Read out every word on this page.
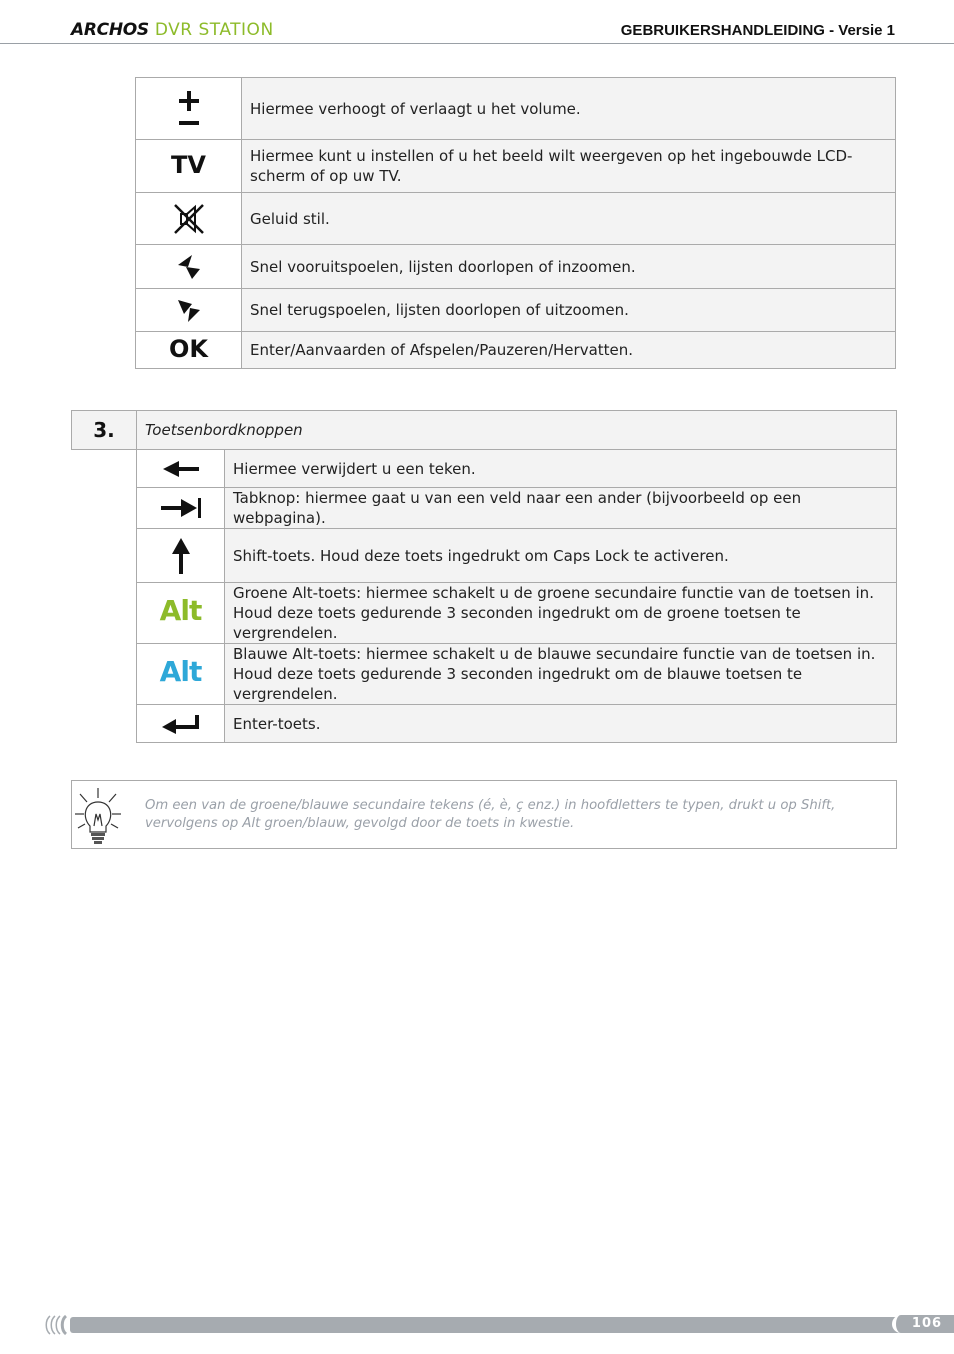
ARCHOS DVR STATION	GEBRUIKERSHANDLEIDING - Versie 1
	Hiermee verhoogt of verlaagt u het volume.
TV	Hiermee kunt u instellen of u het beeld wilt weergeven op het ingebouwde LCD-scherm of op uw TV.
	Geluid stil.
	Snel vooruitspoelen, lijsten doorlopen of inzoomen.
	Snel terugspoelen, lijsten doorlopen of uitzoomen.
OK	Enter/Aanvaarden of Afspelen/Pauzeren/Hervatten.
3.	Toetsenbordknoppen	
		Hiermee verwijdert u een teken.
	Tabknop: hiermee gaat u van een veld naar een ander (bijvoorbeeld op een webpagina).
	Shift-toets. Houd deze toets ingedrukt om Caps Lock te activeren.
	Alt	Groene Alt-toets: hiermee schakelt u de groene secundaire functie van de toetsen in. Houd deze toets gedurende 3 seconden ingedrukt om de groene toetsen te vergrendelen.
	Alt	Blauwe Alt-toets: hiermee schakelt u de blauwe secundaire functie van de toetsen in. Houd deze toets gedurende 3 seconden ingedrukt om de blauwe toetsen te vergrendelen.
	Enter-toets.
Om een van de groene/blauwe secundaire tekens (é, è, ç enz.) in hoofdletters te typen, drukt u op Shift, vervolgens op Alt groen/blauw, gevolgd door de toets in kwestie.
106
